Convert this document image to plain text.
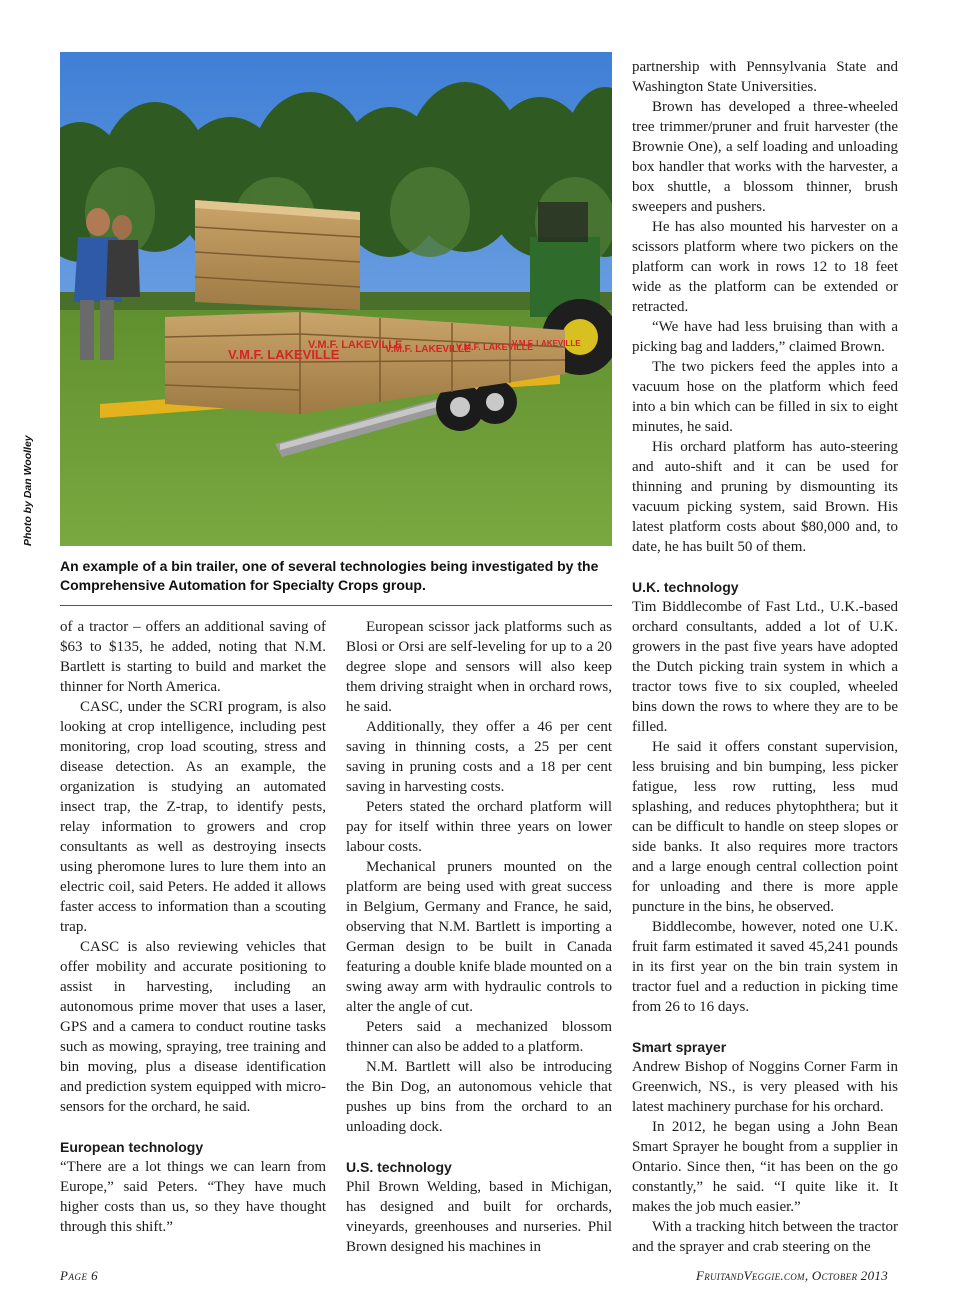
V.M.F. LAKEVILLE
V.M.F. LAKEVILLE
V.M.F. LAKEVILLE
V.M.F. LAKEVILLE
V.M.F. LAKEVILLE
Photo by Dan Woolley
An example of a bin trailer, one of several technologies being investigated by the Comprehensive Automation for Specialty Crops group.

of a tractor – offers an additional saving of $63 to $135, he added, noting that N.M. Bartlett is starting to build and market the thinner for North America.

CASC, under the SCRI program, is also looking at crop intelligence, including pest monitoring, crop load scouting, stress and disease detection. As an example, the organization is studying an automated insect trap, the Z-trap, to identify pests, relay information to growers and crop consultants as well as destroying insects using pheromone lures to lure them into an electric coil, said Peters. He added it allows faster access to information than a scouting trap.

CASC is also reviewing vehicles that offer mobility and accurate positioning to assist in harvesting, including an autonomous prime mover that uses a laser, GPS and a camera to conduct routine tasks such as mowing, spraying, tree training and bin moving, plus a disease identification and prediction system equipped with micro-sensors for the orchard, he said.

European technology

“There are a lot things we can learn from Europe,” said Peters. “They have much higher costs than us, so they have thought through this shift.”

European scissor jack platforms such as Blosi or Orsi are self-leveling for up to a 20 degree slope and sensors will also keep them driving straight when in orchard rows, he said.

Additionally, they offer a 46 per cent saving in thinning costs, a 25 per cent saving in pruning costs and a 18 per cent saving in harvesting costs.

Peters stated the orchard platform will pay for itself within three years on lower labour costs.

Mechanical pruners mounted on the platform are being used with great success in Belgium, Germany and France, he said, observing that N.M. Bartlett is importing a German design to be built in Canada featuring a double knife blade mounted on a swing away arm with hydraulic controls to alter the angle of cut.

Peters said a mechanized blossom thinner can also be added to a platform.

N.M. Bartlett will also be introducing the Bin Dog, an autonomous vehicle that pushes up bins from the orchard to an unloading dock.

U.S. technology

Phil Brown Welding, based in Michigan, has designed and built for orchards, vineyards, greenhouses and nurseries. Phil Brown designed his machines in

partnership with Pennsylvania State and Washington State Universities.

Brown has developed a three-wheeled tree trimmer/pruner and fruit harvester (the Brownie One), a self loading and unloading box handler that works with the harvester, a box shuttle, a blossom thinner, brush sweepers and pushers.

He has also mounted his harvester on a scissors platform where two pickers on the platform can work in rows 12 to 18 feet wide as the platform can be extended or retracted.

“We have had less bruising than with a picking bag and ladders,” claimed Brown.

The two pickers feed the apples into a vacuum hose on the platform which feed into a bin which can be filled in six to eight minutes, he said.

His orchard platform has auto-steering and auto-shift and it can be used for thinning and pruning by dismounting its vacuum picking system, said Brown. His latest platform costs about $80,000 and, to date, he has built 50 of them.

U.K. technology

Tim Biddlecombe of Fast Ltd., U.K.-based orchard consultants, added a lot of U.K. growers in the past five years have adopted the Dutch picking train system in which a tractor tows five to six coupled, wheeled bins down the rows to where they are to be filled.

He said it offers constant supervision, less bruising and bin bumping, less picker fatigue, less row rutting, less mud splashing, and reduces phytophthera; but it can be difficult to handle on steep slopes or side banks. It also requires more tractors and a large enough central collection point for unloading and there is more apple puncture in the bins, he observed.

Biddlecombe, however, noted one U.K. fruit farm estimated it saved 45,241 pounds in its first year on the bin train system in tractor fuel and a reduction in picking time from 26 to 16 days.

Smart sprayer

Andrew Bishop of Noggins Corner Farm in Greenwich, NS., is very pleased with his latest machinery purchase for his orchard.

In 2012, he began using a John Bean Smart Sprayer he bought from a supplier in Ontario. Since then, “it has been on the go constantly,” he said. “I quite like it. It makes the job much easier.”

With a tracking hitch between the tractor and the sprayer and crab steering on the

Page 6	FruitandVeggie.com, October 2013
